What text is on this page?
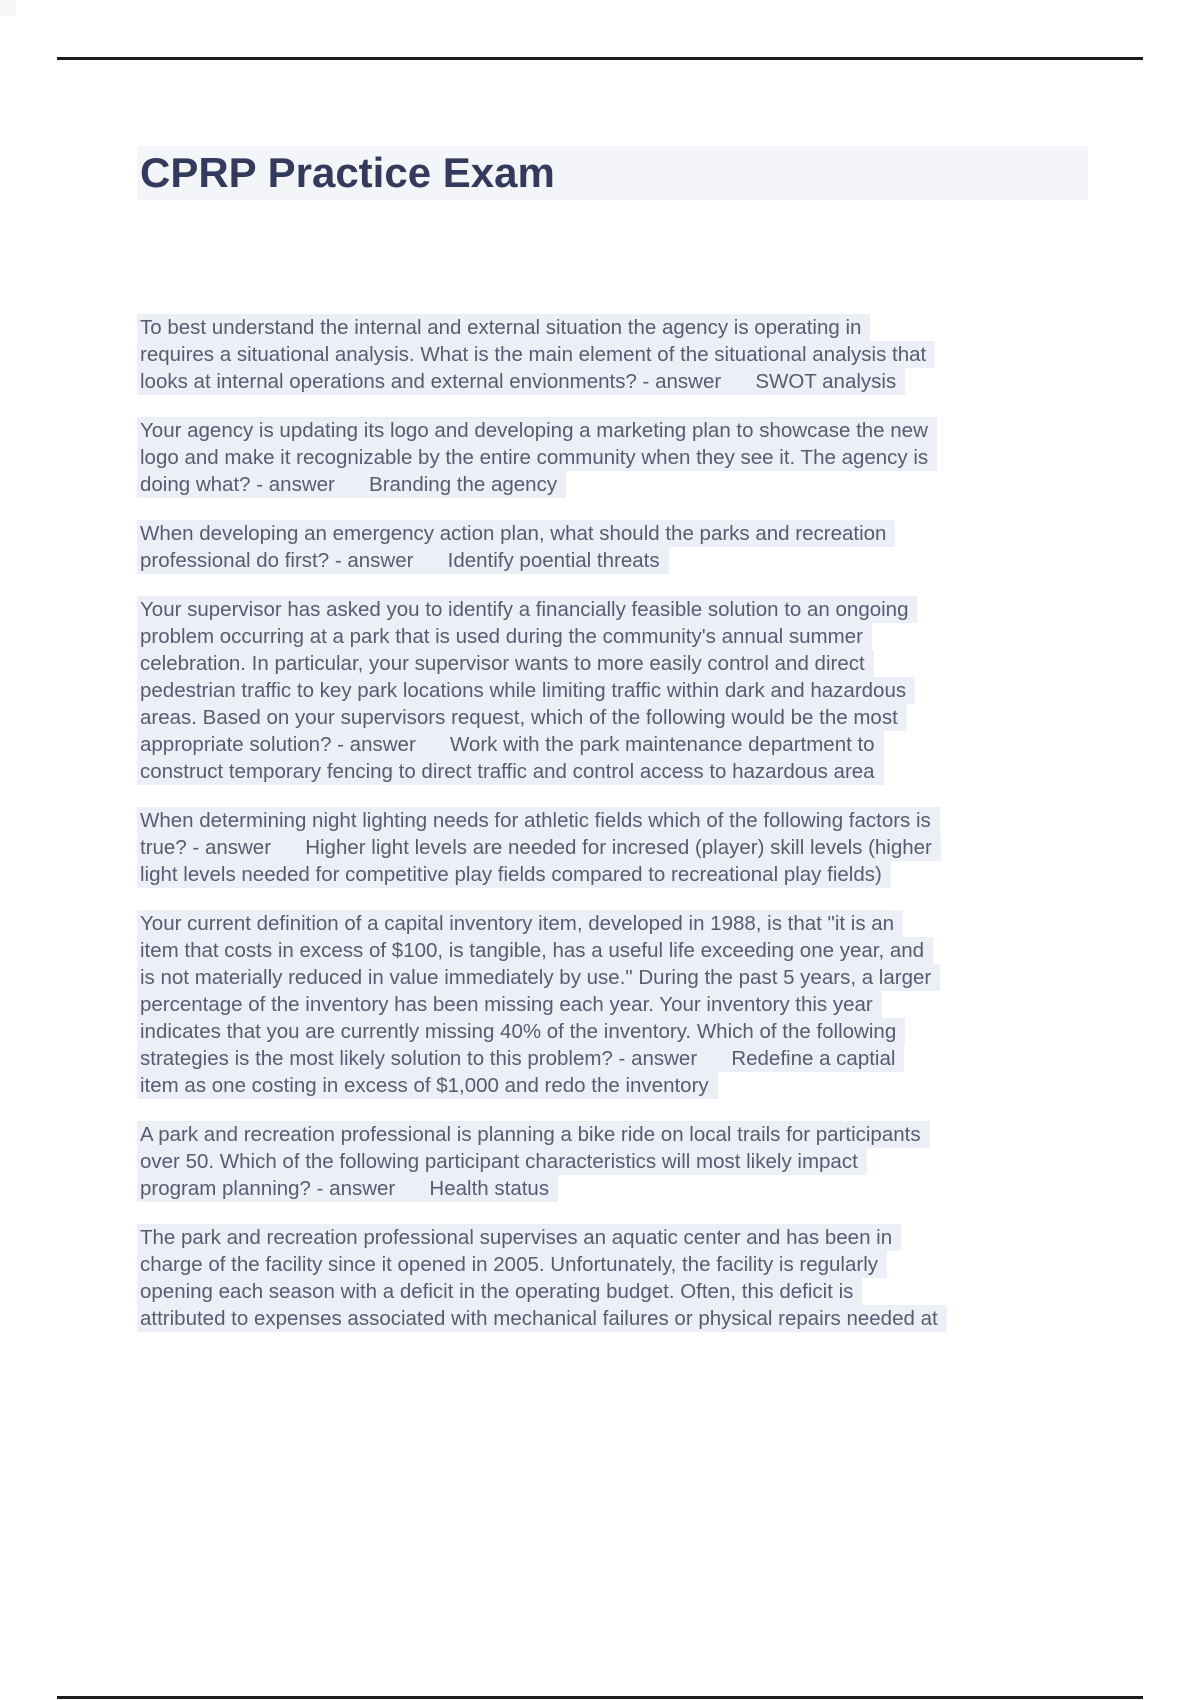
CPRP Practice Exam
To best understand the internal and external situation the agency is operating in
requires a situational analysis. What is the main element of the situational analysis that
looks at internal operations and external envionments? - answer      SWOT analysis
Your agency is updating its logo and developing a marketing plan to showcase the new
logo and make it recognizable by the entire community when they see it. The agency is
doing what? - answer      Branding the agency
When developing an emergency action plan, what should the parks and recreation
professional do first? - answer      Identify poential threats
Your supervisor has asked you to identify a financially feasible solution to an ongoing
problem occurring at a park that is used during the community's annual summer
celebration. In particular, your supervisor wants to more easily control and direct
pedestrian traffic to key park locations while limiting traffic within dark and hazardous
areas. Based on your supervisors request, which of the following would be the most
appropriate solution? - answer      Work with the park maintenance department to
construct temporary fencing to direct traffic and control access to hazardous area
When determining night lighting needs for athletic fields which of the following factors is
true? - answer      Higher light levels are needed for incresed (player) skill levels (higher
light levels needed for competitive play fields compared to recreational play fields)
Your current definition of a capital inventory item, developed in 1988, is that "it is an
item that costs in excess of $100, is tangible, has a useful life exceeding one year, and
is not materially reduced in value immediately by use." During the past 5 years, a larger
percentage of the inventory has been missing each year. Your inventory this year
indicates that you are currently missing 40% of the inventory. Which of the following
strategies is the most likely solution to this problem? - answer      Redefine a captial
item as one costing in excess of $1,000 and redo the inventory
A park and recreation professional is planning a bike ride on local trails for participants
over 50. Which of the following participant characteristics will most likely impact
program planning? - answer      Health status
The park and recreation professional supervises an aquatic center and has been in
charge of the facility since it opened in 2005. Unfortunately, the facility is regularly
opening each season with a deficit in the operating budget. Often, this deficit is
attributed to expenses associated with mechanical failures or physical repairs needed at
